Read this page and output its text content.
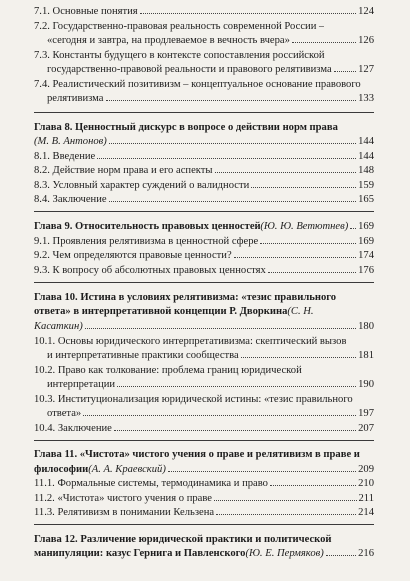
7.1. Основные понятия	124
7.2. Государственно-правовая реальность современной России –
«сегодня и завтра, на продлеваемое в вечность вчера»	126
7.3. Константы будущего в контексте сопоставления российской
государственно-правовой реальности и правового релятивизма 127
7.4. Реалистический позитивизм – концептуальное основание правового
релятивизма	133
Глава 8. Ценностный дискурс в вопросе о действии норм права
(М. В. Антонов)	144
8.1. Введение	144
8.2. Действие норм права и его аспекты	148
8.3. Условный характер суждений о валидности	159
8.4. Заключение	165
Глава 9. Относительность правовых ценностей (Ю. Ю. Ветютнев) 169
9.1. Проявления релятивизма в ценностной сфере	169
9.2. Чем определяются правовые ценности?	174
9.3. К вопросу об абсолютных правовых ценностях	176
Глава 10. Истина в условиях релятивизма: «тезис правильного
ответа» в интерпретативной концепции Р. Дворкина (С. Н.
Касаткин)	180
10.1. Основы юридического интерпретативизма: скептический вызов
и интерпретативные практики сообщества	181
10.2. Право как толкование: проблема границ юридической
интерпретации	190
10.3. Институционализация юридической истины: «тезис правильного
ответа»	197
10.4. Заключение	207
Глава 11. «Чистота» чистого учения о праве и релятивизм в праве и
философии (А. А. Краевский)	209
11.1. Формальные системы, термодинамика и право	210
11.2. «Чистота» чистого учения о праве	211
11.3. Релятивизм в понимании Кельзена	214
Глава 12. Различение юридической практики и политической
манипуляции: казус Гернига и Павленского (Ю. Е. Пермяков)	216
